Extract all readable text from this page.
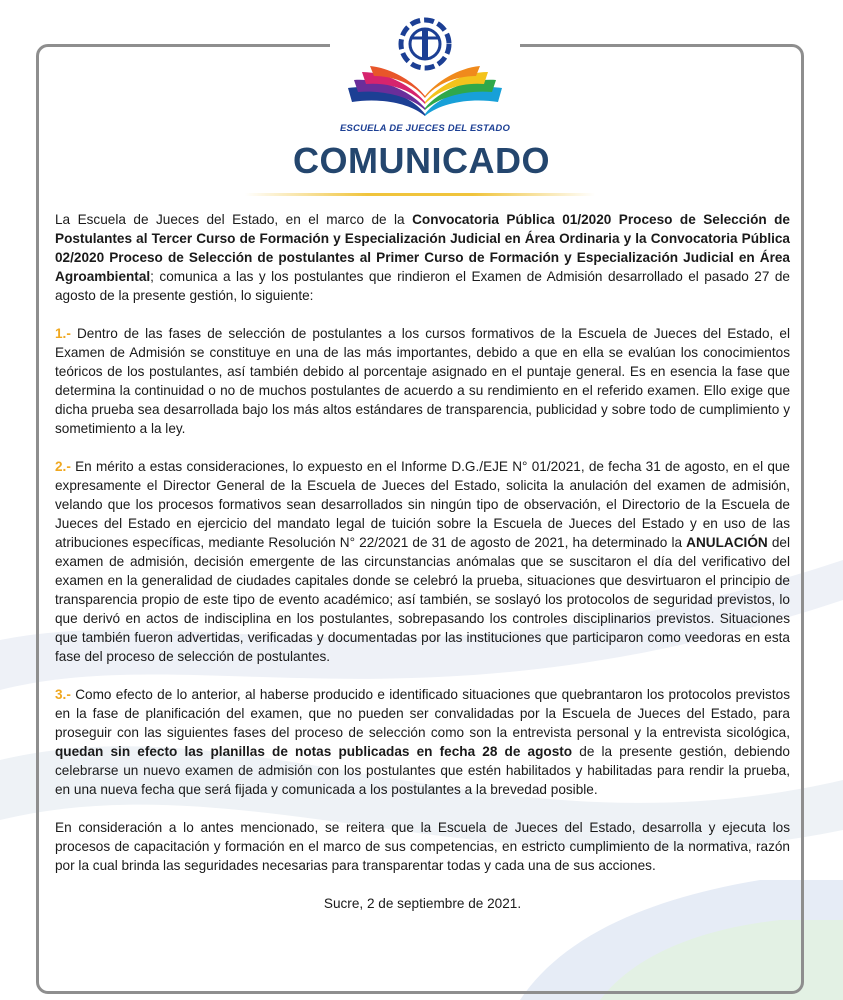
ESCUELA DE JUECES DEL ESTADO
COMUNICADO

La Escuela de Jueces del Estado, en el marco de la Convocatoria Pública 01/2020 Proceso de Selección de Postulantes al Tercer Curso de Formación y Especialización Judicial en Área Ordinaria y la Convocatoria Pública 02/2020 Proceso de Selección de postulantes al Primer Curso de Formación y Especialización Judicial en Área Agroambiental; comunica a las y los postulantes que rindieron el Examen de Admisión desarrollado el pasado 27 de agosto de la presente gestión, lo siguiente:

1.- Dentro de las fases de selección de postulantes a los cursos formativos de la Escuela de Jueces del Estado, el Examen de Admisión se constituye en una de las más importantes, debido a que en ella se evalúan los conocimientos teóricos de los postulantes, así también debido al porcentaje asignado en el puntaje general. Es en esencia la fase que determina la continuidad o no de muchos postulantes de acuerdo a su rendimiento en el referido examen. Ello exige que dicha prueba sea desarrollada bajo los más altos estándares de transparencia, publicidad y sobre todo de cumplimiento y sometimiento a la ley.

2.- En mérito a estas consideraciones, lo expuesto en el Informe D.G./EJE N° 01/2021, de fecha 31 de agosto, en el que expresamente el Director General de la Escuela de Jueces del Estado, solicita la anulación del examen de admisión, velando que los procesos formativos sean desarrollados sin ningún tipo de observación, el Directorio de la Escuela de Jueces del Estado en ejercicio del mandato legal de tuición sobre la Escuela de Jueces del Estado y en uso de las atribuciones específicas, mediante Resolución N° 22/2021 de 31 de agosto de 2021, ha determinado la ANULACIÓN del examen de admisión, decisión emergente de las circunstancias anómalas que se suscitaron el día del verificativo del examen en la generalidad de ciudades capitales donde se celebró la prueba, situaciones que desvirtuaron el principio de transparencia propio de este tipo de evento académico; así también, se soslayó los protocolos de seguridad previstos, lo que derivó en actos de indisciplina en los postulantes, sobrepasando los controles disciplinarios previstos. Situaciones que también fueron advertidas, verificadas y documentadas por las instituciones que participaron como veedoras en esta fase del proceso de selección de postulantes.

3.- Como efecto de lo anterior, al haberse producido e identificado situaciones que quebrantaron los protocolos previstos en la fase de planificación del examen, que no pueden ser convalidadas por la Escuela de Jueces del Estado, para proseguir con las siguientes fases del proceso de selección como son la entrevista personal y la entrevista sicológica, quedan sin efecto las planillas de notas publicadas en fecha 28 de agosto de la presente gestión, debiendo celebrarse un nuevo examen de admisión con los postulantes que estén habilitados y habilitadas para rendir la prueba, en una nueva fecha que será fijada y comunicada a los postulantes a la brevedad posible.

En consideración a lo antes mencionado, se reitera que la Escuela de Jueces del Estado, desarrolla y ejecuta los procesos de capacitación y formación en el marco de sus competencias, en estricto cumplimiento de la normativa, razón por la cual brinda las seguridades necesarias para transparentar todas y cada una de sus acciones.

Sucre, 2 de septiembre de 2021.
